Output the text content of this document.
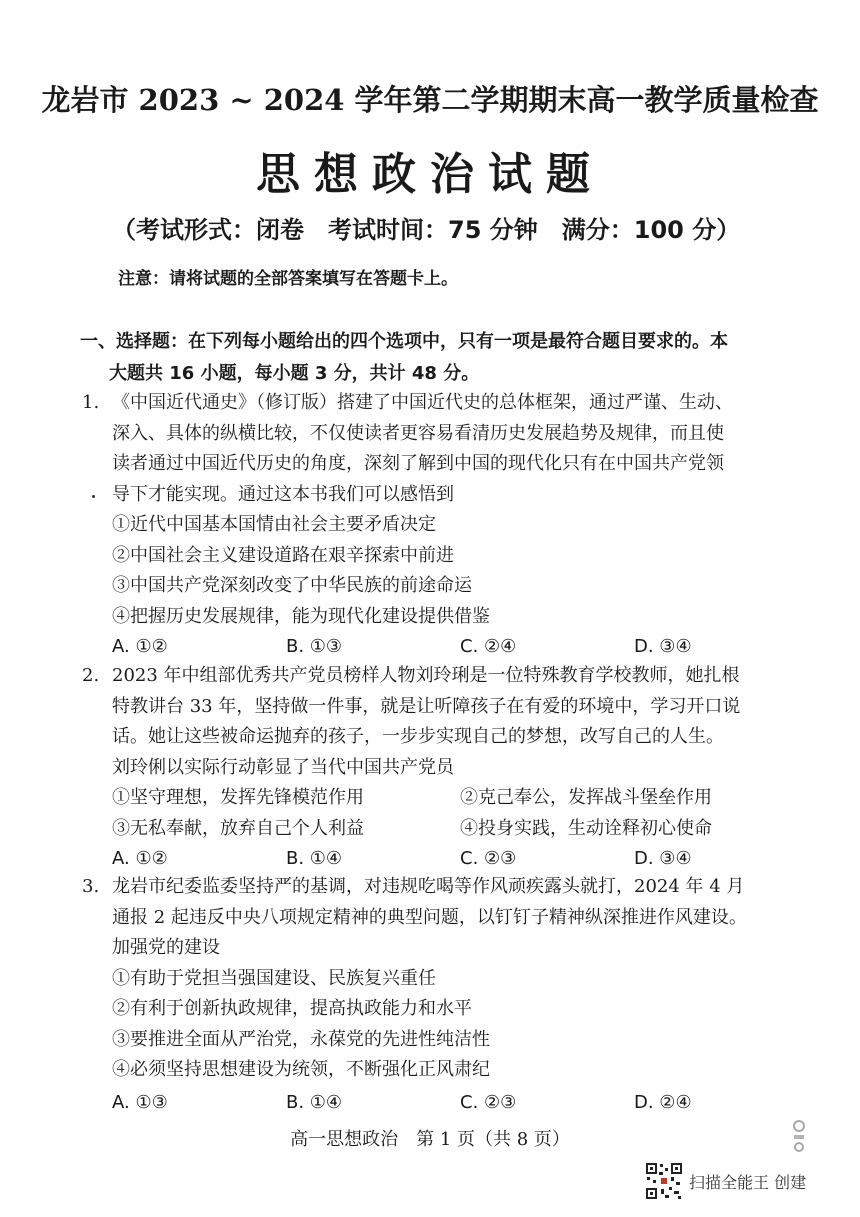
龙岩市 2023 ~ 2024 学年第二学期期末高一教学质量检查
思想政治试题
（考试形式：闭卷　考试时间：75 分钟　满分：100 分）
注意：请将试题的全部答案填写在答题卡上。
一、选择题：在下列每小题给出的四个选项中，只有一项是最符合题目要求的。本
大题共 16 小题，每小题 3 分，共计 48 分。
1. 《中国近代通史》（修订版）搭建了中国近代史的总体框架，通过严谨、生动、
深入、具体的纵横比较，不仅使读者更容易看清历史发展趋势及规律，而且使
读者通过中国近代历史的角度，深刻了解到中国的现代化只有在中国共产党领
导下才能实现。通过这本书我们可以感悟到
①近代中国基本国情由社会主要矛盾决定
②中国社会主义建设道路在艰辛探索中前进
③中国共产党深刻改变了中华民族的前途命运
④把握历史发展规律，能为现代化建设提供借鉴
A. ①②	B. ①③	C. ②④	D. ③④
2. 2023 年中组部优秀共产党员榜样人物刘玲琍是一位特殊教育学校教师，她扎根
特教讲台 33 年，坚持做一件事，就是让听障孩子在有爱的环境中，学习开口说
话。她让这些被命运抛弃的孩子，一步步实现自己的梦想，改写自己的人生。
刘玲俐以实际行动彰显了当代中国共产党员
①坚守理想，发挥先锋模范作用	②克己奉公，发挥战斗堡垒作用
③无私奉献，放弃自己个人利益	④投身实践，生动诠释初心使命
A. ①②	B. ①④	C. ②③	D. ③④
3. 龙岩市纪委监委坚持严的基调，对违规吃喝等作风顽疾露头就打，2024 年 4 月
通报 2 起违反中央八项规定精神的典型问题，以钉钉子精神纵深推进作风建设。
加强党的建设
①有助于党担当强国建设、民族复兴重任
②有利于创新执政规律，提高执政能力和水平
③要推进全面从严治党，永葆党的先进性纯洁性
④必须坚持思想建设为统领，不断强化正风肃纪
A. ①③	B. ①④	C. ②③	D. ②④
高一思想政治　第 1 页（共 8 页）
扫描全能王 创建
